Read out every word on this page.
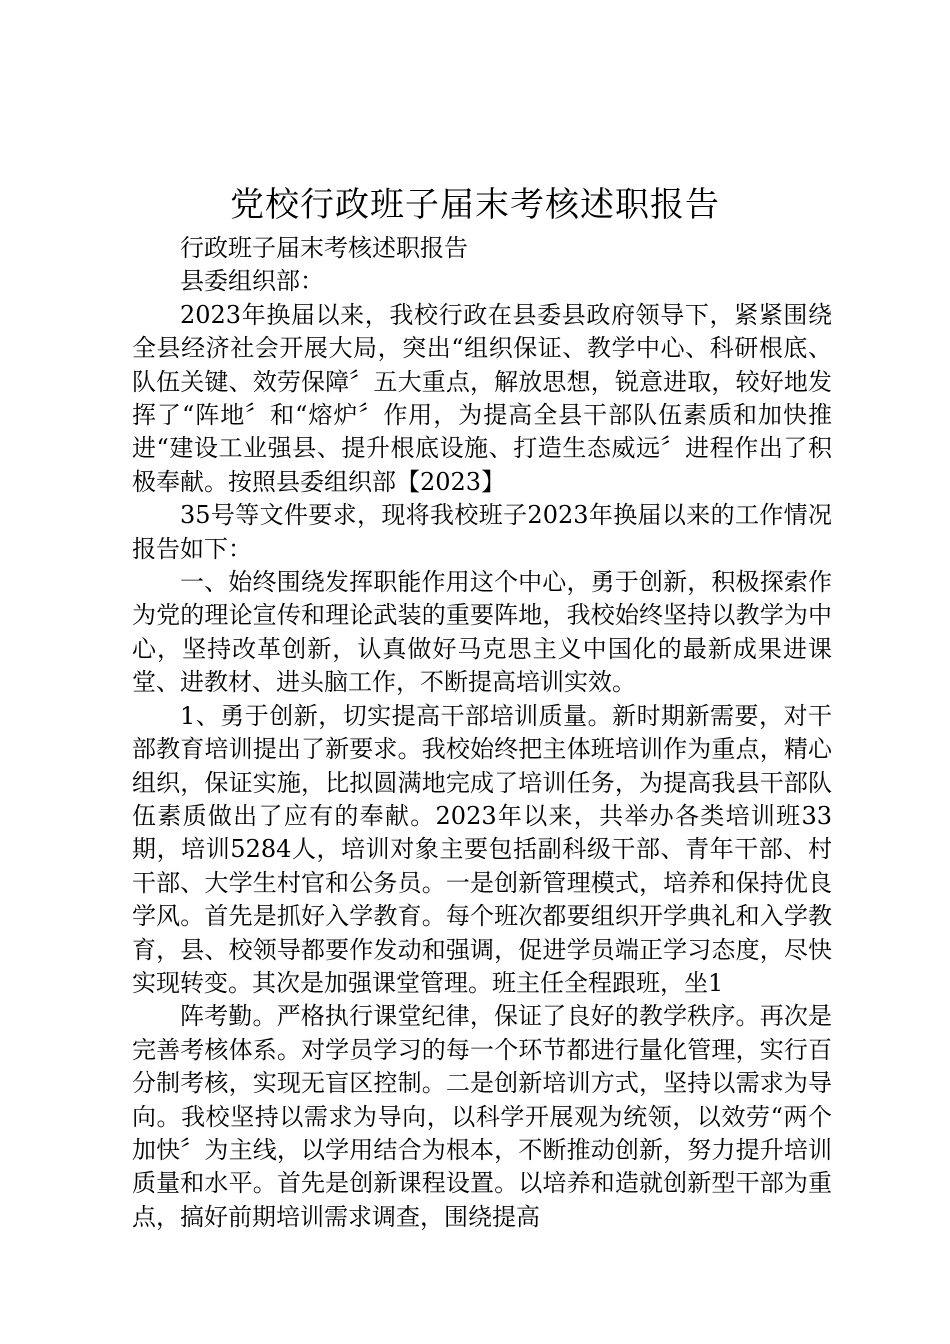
党校行政班子届末考核述职报告

行政班子届末考核述职报告

县委组织部：

2023年换届以来，我校行政在县委县政府领导下，紧紧围绕全县经济社会开展大局，突出“组织保证、教学中心、科研根底、队伍关键、效劳保障〞五大重点，解放思想，锐意进取，较好地发挥了“阵地〞和“熔炉〞作用，为提高全县干部队伍素质和加快推进“建设工业强县、提升根底设施、打造生态威远〞进程作出了积极奉献。按照县委组织部【2023】

35号等文件要求，现将我校班子2023年换届以来的工作情况报告如下：

一、始终围绕发挥职能作用这个中心，勇于创新，积极探索作为党的理论宣传和理论武装的重要阵地，我校始终坚持以教学为中心，坚持改革创新，认真做好马克思主义中国化的最新成果进课堂、进教材、进头脑工作，不断提高培训实效。

1、勇于创新，切实提高干部培训质量。新时期新需要，对干部教育培训提出了新要求。我校始终把主体班培训作为重点，精心组织，保证实施，比拟圆满地完成了培训任务，为提高我县干部队伍素质做出了应有的奉献。2023年以来，共举办各类培训班33期，培训5284人，培训对象主要包括副科级干部、青年干部、村干部、大学生村官和公务员。一是创新管理模式，培养和保持优良学风。首先是抓好入学教育。每个班次都要组织开学典礼和入学教育，县、校领导都要作发动和强调，促进学员端正学习态度，尽快实现转变。其次是加强课堂管理。班主任全程跟班，坐1

阵考勤。严格执行课堂纪律，保证了良好的教学秩序。再次是完善考核体系。对学员学习的每一个环节都进行量化管理，实行百分制考核，实现无盲区控制。二是创新培训方式，坚持以需求为导向。我校坚持以需求为导向，以科学开展观为统领，以效劳“两个加快〞为主线，以学用结合为根本，不断推动创新，努力提升培训质量和水平。首先是创新课程设置。以培养和造就创新型干部为重点，搞好前期培训需求调查，围绕提高
